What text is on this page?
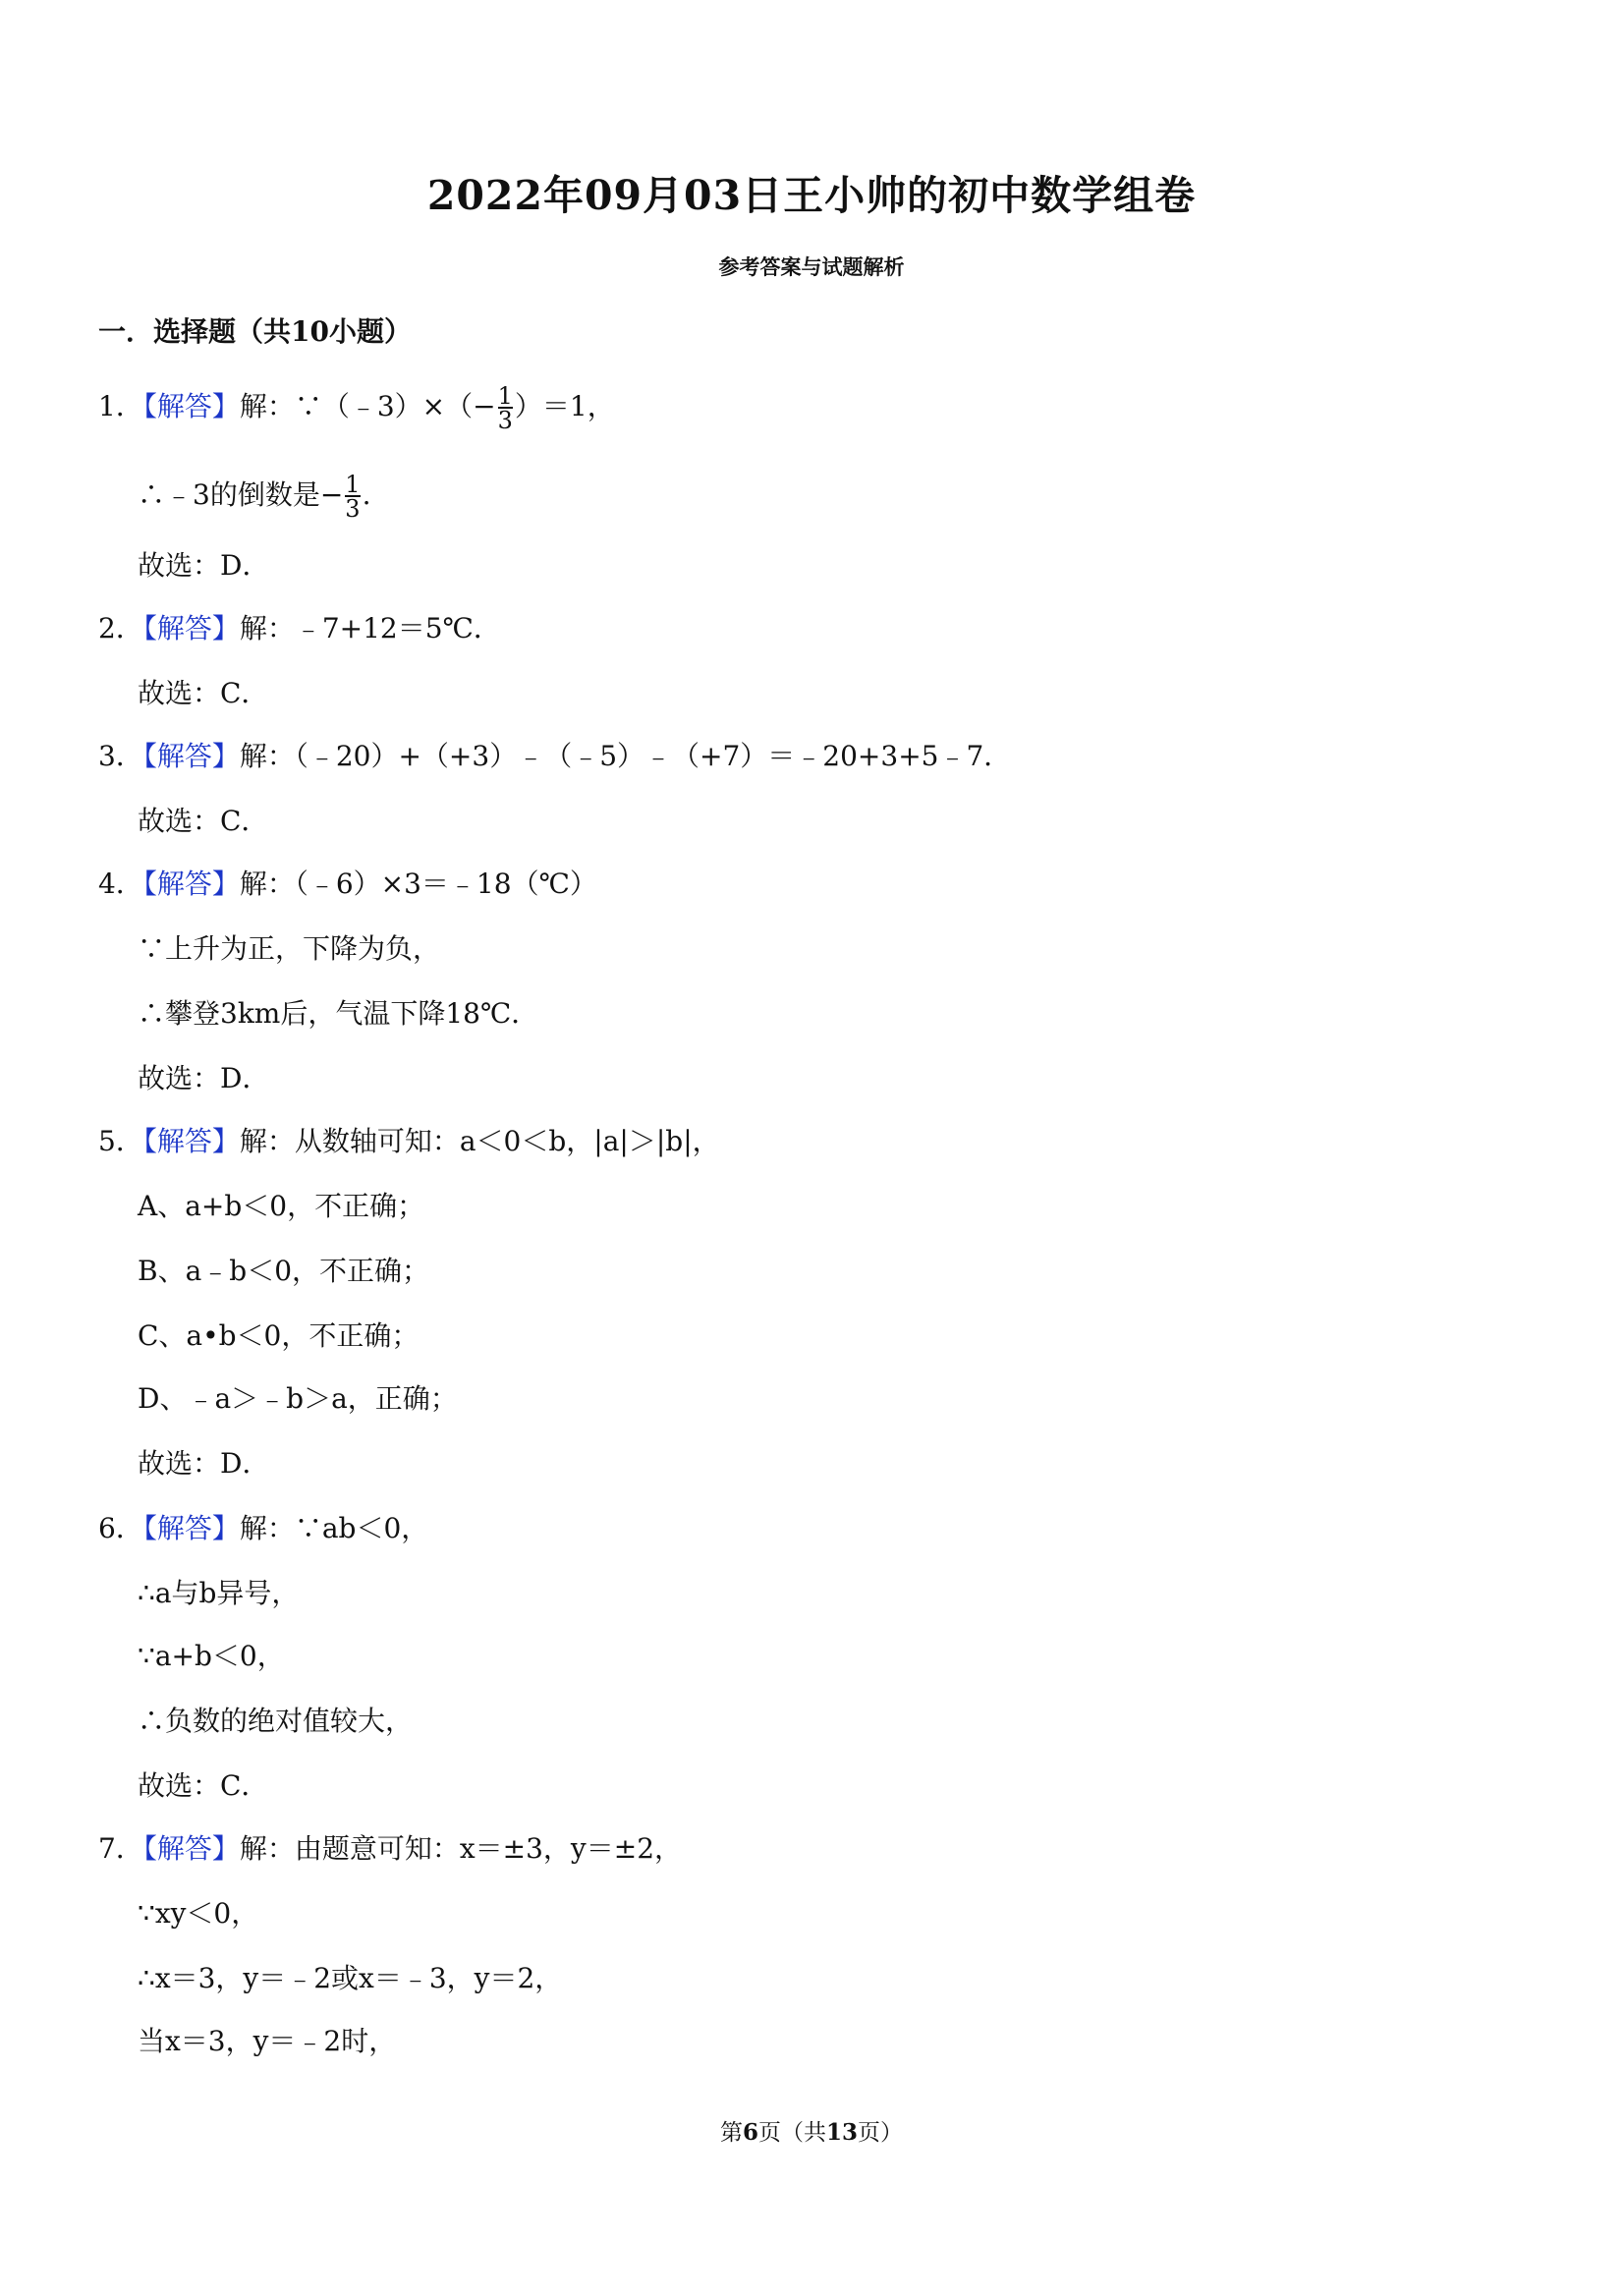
2022年09月03日王小帅的初中数学组卷
参考答案与试题解析
一．选择题（共10小题）
1．【解答】解：∵（﹣3）×（− $\frac{1}{3} )=1$，
∴﹣3的倒数是− $\frac{1}{3}$ .
故选：D．
2．【解答】解：﹣7+12＝5℃．
故选：C．
3．【解答】解：（﹣20）+（+3）﹣（﹣5）﹣（+7）＝﹣20+3+5﹣7．
故选：C．
4．【解答】解：（﹣6）×3＝﹣18（℃）
∵上升为正，下降为负，
∴攀登3km后，气温下降18℃．
故选：D．
5．【解答】解：从数轴可知：a＜0＜b，|a|＞|b|，
A、a+b＜0，不正确；
B、a﹣b＜0，不正确；
C、a•b＜0，不正确；
D、﹣a＞﹣b＞a，正确；
故选：D．
6．【解答】解：∵ab＜0，
∴a与b异号，
∵a+b＜0，
∴负数的绝对值较大，
故选：C．
7．【解答】解：由题意可知：x＝±3，y＝±2，
∵xy＜0，
∴x＝3，y＝﹣2或x＝﹣3，y＝2，
当x＝3，y＝﹣2时，
第6页（共13页）
